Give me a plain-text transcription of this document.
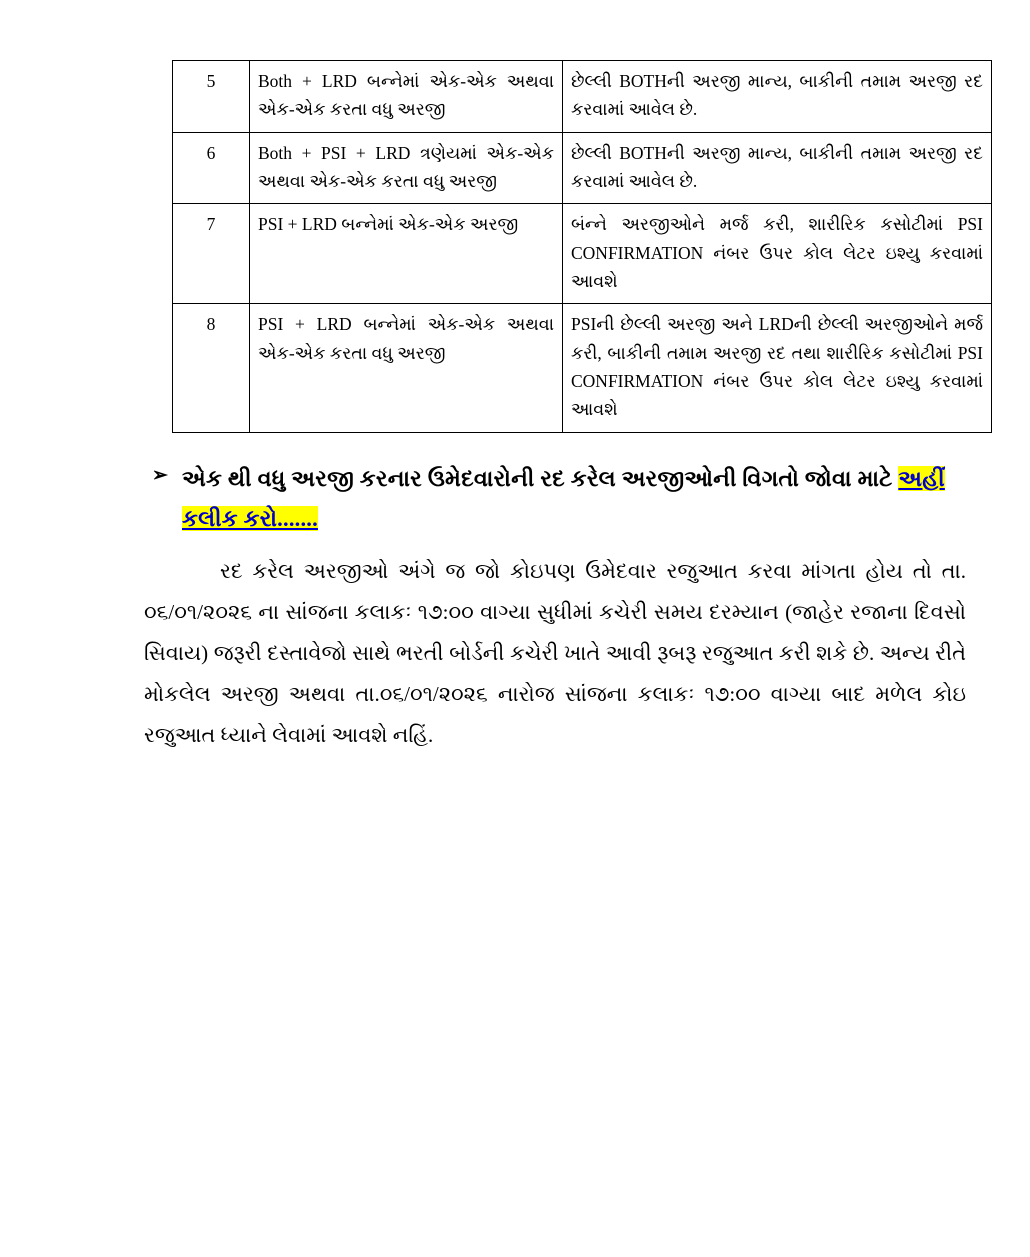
5	Both + LRD બન્નેમાં એક-એક અથવા એક-એક કરતા વધુ અરજી	છેલ્લી BOTHની અરજી માન્ય, બાકીની તમામ અરજી રદ કરવામાં આવેલ છે.
6	Both + PSI + LRD ત્રણેયમાં એક-એક અથવા એક-એક કરતા વધુ અરજી	છેલ્લી BOTHની અરજી માન્ય, બાકીની તમામ અરજી રદ કરવામાં આવેલ છે.
7	PSI + LRD બન્નેમાં એક-એક અરજી	બંન્ને અરજીઓને મર્જ કરી, શારીરિક કસોટીમાં PSI CONFIRMATION નંબર ઉપર કોલ લેટર ઇશ્યુ કરવામાં આવશે
8	PSI + LRD બન્નેમાં એક-એક અથવા એક-એક કરતા વધુ અરજી	PSIની છેલ્લી અરજી અને LRDની છેલ્લી અરજીઓને મર્જ કરી, બાકીની તમામ અરજી રદ તથા શારીરિક કસોટીમાં PSI CONFIRMATION નંબર ઉપર કોલ લેટર ઇશ્યુ કરવામાં આવશે
➢ એક થી વધુ અરજી કરનાર ઉમેદવારોની રદ કરેલ અરજીઓની વિગતો જોવા માટે અહીં કલીક કરો.......
રદ કરેલ અરજીઓ અંગે જ જો કોઇપણ ઉમેદવાર રજુઆત કરવા માંગતા હોય તો તા. ૦૬/૦૧/૨૦૨૬ ના સાંજના કલાકઃ ૧૭:૦૦ વાગ્યા સુધીમાં કચેરી સમય દરમ્યાન (જાહેર રજાના દિવસો સિવાય) જરૂરી દસ્તાવેજો સાથે ભરતી બોર્ડની કચેરી ખાતે આવી રૂબરૂ રજુઆત કરી શકે છે. અન્ય રીતે મોકલેલ અરજી અથવા તા.૦૬/૦૧/૨૦૨૬ નારોજ સાંજના કલાકઃ ૧૭:૦૦ વાગ્યા બાદ મળેલ કોઇ રજુઆત ધ્યાને લેવામાં આવશે નહિં.
